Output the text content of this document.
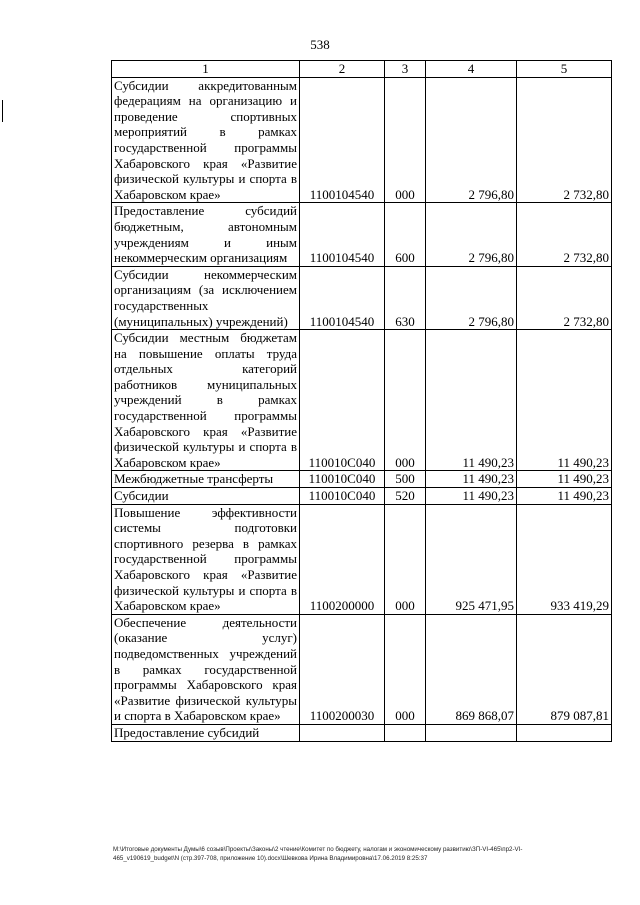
538
1	2	3	4	5
Субсидии аккредитованным федерациям на организацию и проведение спортивных мероприятий в рамках государственной программы Хабаровского края «Развитие физической культуры и спорта в Хабаровском крае»	1100104540	000	2 796,80	2 732,80
Предоставление субсидий бюджетным, автономным учреждениям и иным некоммерческим организациям	1100104540	600	2 796,80	2 732,80
Субсидии некоммерческим организациям (за исключением государственных (муниципальных) учреждений)	1100104540	630	2 796,80	2 732,80
Субсидии местным бюджетам на повышение оплаты труда отдельных категорий работников муниципальных учреждений в рамках государственной программы Хабаровского края «Развитие физической культуры и спорта в Хабаровском крае»	110010С040	000	11 490,23	11 490,23
Межбюджетные трансферты	110010С040	500	11 490,23	11 490,23
Субсидии	110010С040	520	11 490,23	11 490,23
Повышение эффективности системы подготовки спортивного резерва в рамках государственной программы Хабаровского края «Развитие физической культуры и спорта в Хабаровском крае»	1100200000	000	925 471,95	933 419,29
Обеспечение деятельности (оказание услуг) подведомственных учреждений в рамках государственной программы Хабаровского края «Развитие физической культуры и спорта в Хабаровском крае»	1100200030	000	869 868,07	879 087,81
Предоставление субсидий				
M:\Итоговые документы Думы\6 созыв\Проекты\Законы\2 чтение\Комитет по бюджету, налогам и экономическому развитию\ЗП-VI-465\пр2-VI-
465_v190619_budget\N (стр.397-708, приложение 10).docx\Шевкова Ирина Владимировна\17.06.2019 8:25:37
